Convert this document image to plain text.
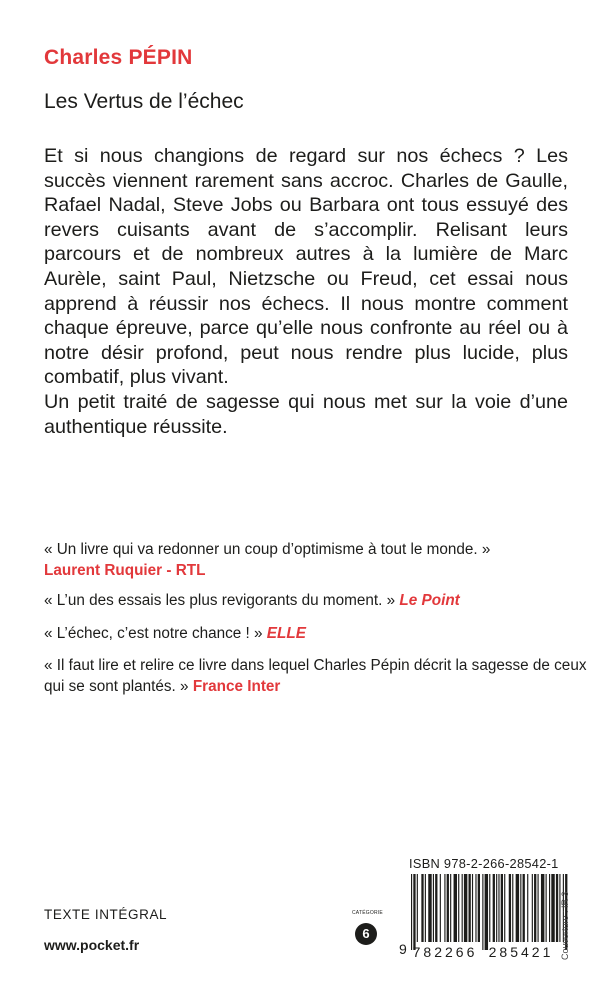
Charles PÉPIN
Les Vertus de l’échec

Et si nous changions de regard sur nos échecs ? Les succès viennent rarement sans accroc. Charles de Gaulle, Rafael Nadal, Steve Jobs ou Barbara ont tous essuyé des revers cuisants avant de s’accomplir. Relisant leurs parcours et de nombreux autres à la lumière de Marc Aurèle, saint Paul, Nietzsche ou Freud, cet essai nous apprend à réussir nos échecs. Il nous montre comment chaque épreuve, parce qu’elle nous confronte au réel ou à notre désir profond, peut nous rendre plus lucide, plus combatif, plus vivant.

Un petit traité de sagesse qui nous met sur la voie d’une authentique réussite.

« Un livre qui va redonner un coup d’optimisme à tout le monde. »
Laurent Ruquier - RTL
« L’un des essais les plus revigorants du moment. » Le Point
« L’échec, c’est notre chance ! » ELLE
« Il faut lire et relire ce livre dans lequel Charles Pépin décrit la sagesse de ceux qui se sont plantés. » France Inter
TEXTE INTÉGRAL
www.pocket.fr
CATÉGORIE
6
ISBN 978-2-266-28542-1
9 782266 285421 Couverture : IR 3
